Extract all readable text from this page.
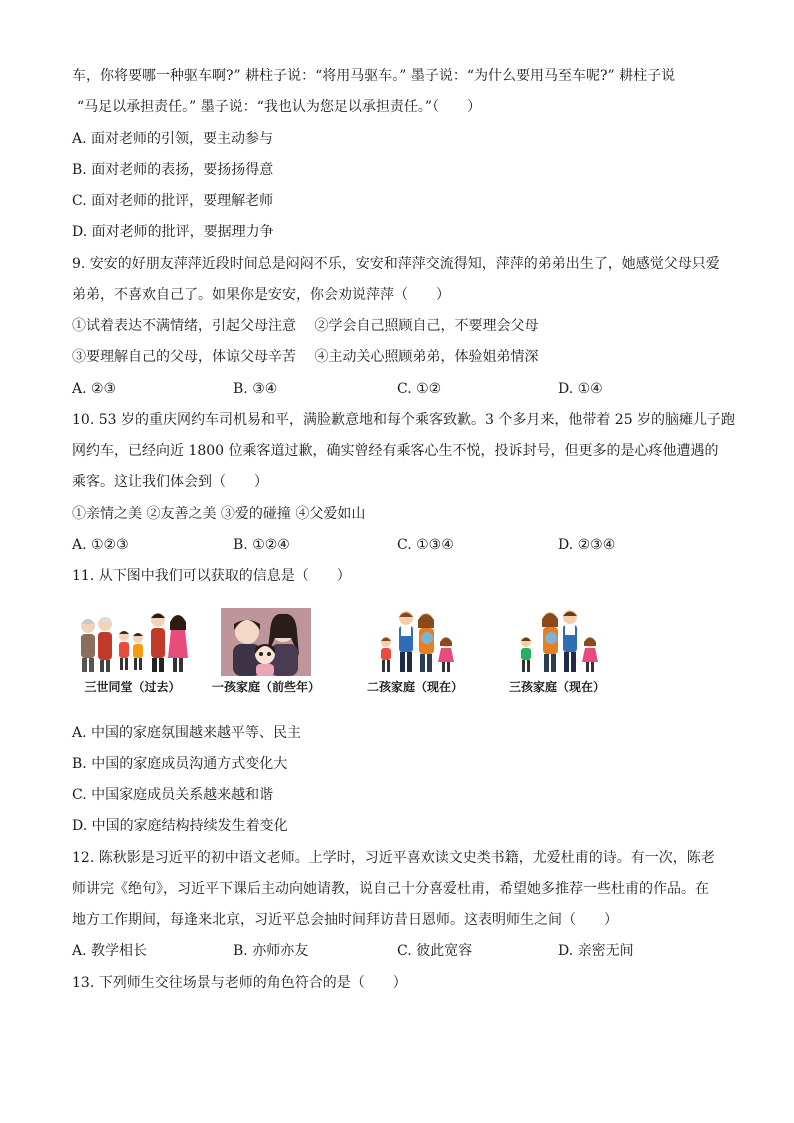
车，你将要哪一种驱车啊?” 耕柱子说：“将用马驱车。” 墨子说：“为什么要用马至车呢?” 耕柱子说
“马足以承担责任。” 墨子说：“我也认为您足以承担责任。”（　　）
A. 面对老师的引领，要主动参与
B. 面对老师的表扬，要扬扬得意
C. 面对老师的批评，要理解老师
D. 面对老师的批评，要据理力争
9. 安安的好朋友萍萍近段时间总是闷闷不乐，安安和萍萍交流得知，萍萍的弟弟出生了，她感觉父母只爱
弟弟，不喜欢自己了。如果你是安安，你会劝说萍萍（　　）
①试着表达不满情绪，引起父母注意　 ②学会自己照顾自己，不要理会父母
③要理解自己的父母，体谅父母辛苦　 ④主动关心照顾弟弟，体验姐弟情深
A. ②③	B. ③④	C. ①②	D. ①④
10. 53 岁的重庆网约车司机易和平，满脸歉意地和每个乘客致歉。3 个多月来，他带着 25 岁的脑瘫儿子跑
网约车，已经向近 1800 位乘客道过歉，确实曾经有乘客心生不悦，投诉封号，但更多的是心疼他遭遇的
乘客。这让我们体会到（　　）
①亲情之美 ②友善之美 ③爱的碰撞 ④父爱如山
A. ①②③	B. ①②④	C. ①③④	D. ②③④
11. 从下图中我们可以获取的信息是（　　）
三世同堂（过去）	一孩家庭（前些年）	二孩家庭（现在）	三孩家庭（现在）
A. 中国的家庭氛围越来越平等、民主
B. 中国的家庭成员沟通方式变化大
C. 中国家庭成员关系越来越和谐
D. 中国的家庭结构持续发生着变化
12. 陈秋影是习近平的初中语文老师。上学时，习近平喜欢读文史类书籍，尤爱杜甫的诗。有一次，陈老
师讲完《绝句》，习近平下课后主动向她请教，说自己十分喜爱杜甫，希望她多推荐一些杜甫的作品。在
地方工作期间，每逢来北京，习近平总会抽时间拜访昔日恩师。这表明师生之间（　　）
A. 教学相长	B. 亦师亦友	C. 彼此宽容	D. 亲密无间
13. 下列师生交往场景与老师的角色符合的是（　　）
